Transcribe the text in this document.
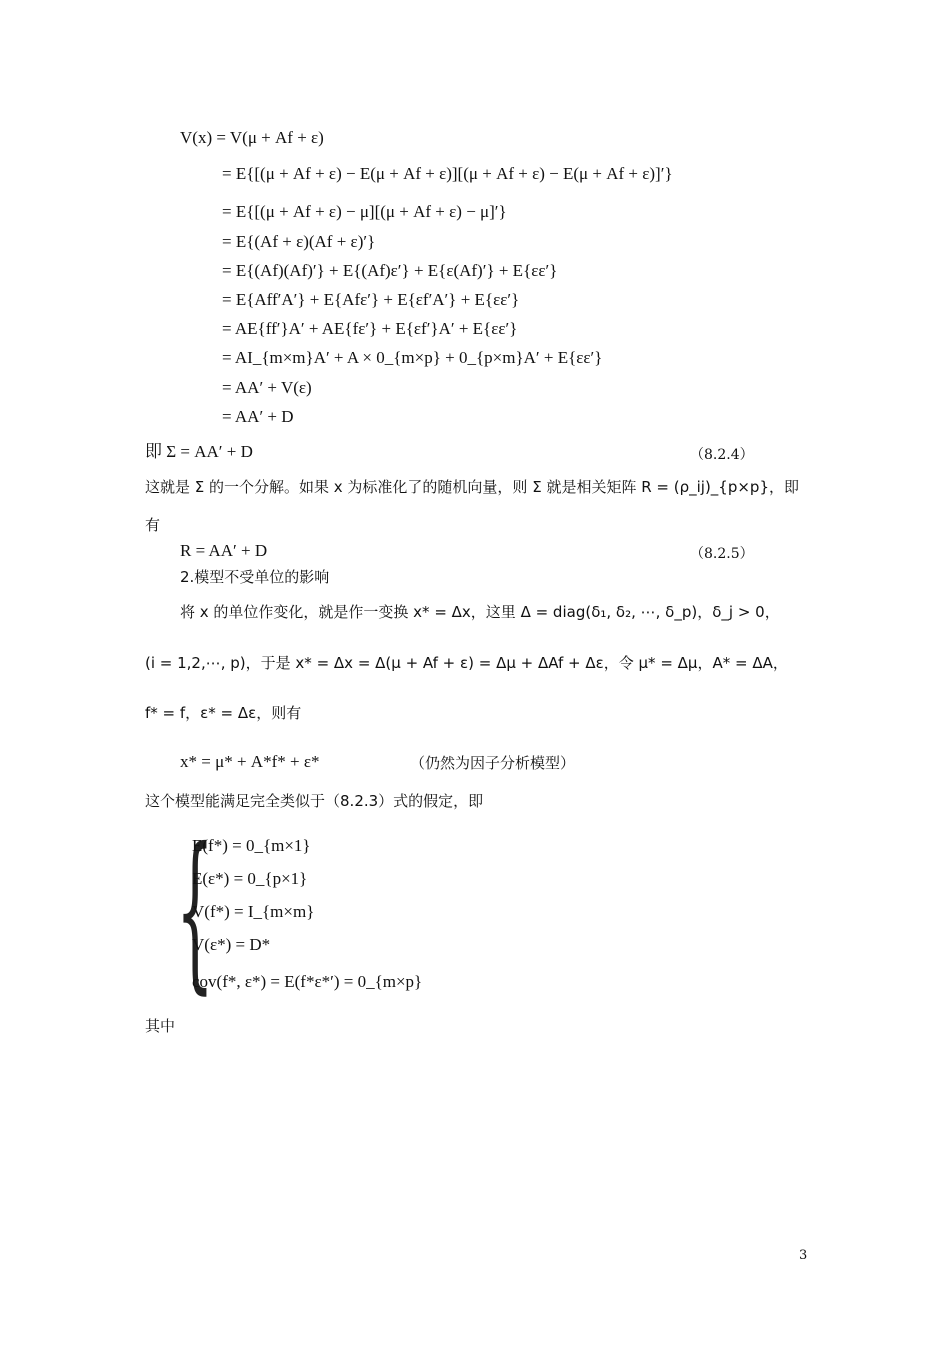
V(x) = V(μ + Af + ε)
= E{[(μ + Af + ε) − E(μ + Af + ε)][(μ + Af + ε) − E(μ + Af + ε)]′}
= E{[(μ + Af + ε) − μ][(μ + Af + ε) − μ]′}
= E{(Af + ε)(Af + ε)′}
= E{(Af)(Af)′} + E{(Af)ε′} + E{ε(Af)′} + E{εε′}
= E{Aff′A′} + E{Afε′} + E{εf′A′} + E{εε′}
= AE{ff′}A′ + AE{fε′} + E{εf′}A′ + E{εε′}
= AI_{m×m}A′ + A × 0_{m×p} + 0_{p×m}A′ + E{εε′}
= AA′ + V(ε)
= AA′ + D
即 Σ = AA′ + D	（8.2.4）
这就是 Σ 的一个分解。如果 x 为标准化了的随机向量，则 Σ 就是相关矩阵 R = (ρ_ij)_{p×p}，即
有
R = AA′ + D	（8.2.5）
2.模型不受单位的影响
将 x 的单位作变化，就是作一变换 x* = Δx，这里 Δ = diag(δ₁, δ₂, ⋯, δ_p)，δ_j > 0，
(i = 1,2,⋯, p)，于是 x* = Δx = Δ(μ + Af + ε) = Δμ + ΔAf + Δε，令 μ* = Δμ，A* = ΔA，
f* = f，ε* = Δε，则有
x* = μ* + A*f* + ε*	（仍然为因子分析模型）
这个模型能满足完全类似于（8.2.3）式的假定，即
{
E(f*) = 0_{m×1}
E(ε*) = 0_{p×1}
V(f*) = I_{m×m}
V(ε*) = D*
cov(f*, ε*) = E(f*ε*′) = 0_{m×p}
其中
3
